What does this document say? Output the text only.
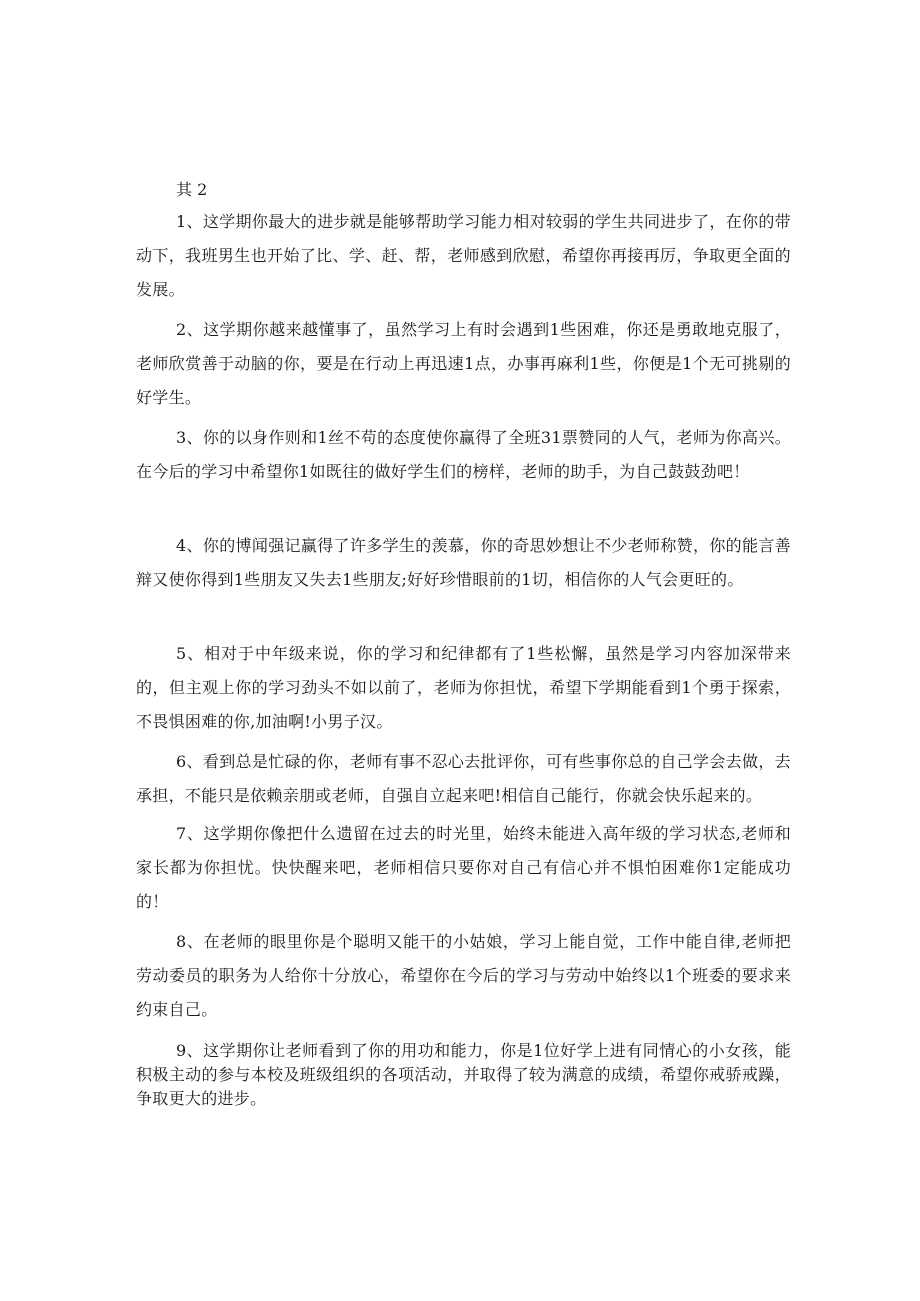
其 2

1、这学期你最大的进步就是能够帮助学习能力相对较弱的学生共同进步了，在你的带动下，我班男生也开始了比、学、赶、帮，老师感到欣慰，希望你再接再厉，争取更全面的发展。

2、这学期你越来越懂事了，虽然学习上有时会遇到1些困难，你还是勇敢地克服了，老师欣赏善于动脑的你，要是在行动上再迅速1点，办事再麻利1些，你便是1个无可挑剔的好学生。

3、你的以身作则和1丝不苟的态度使你赢得了全班31票赞同的人气，老师为你高兴。在今后的学习中希望你1如既往的做好学生们的榜样，老师的助手，为自己鼓鼓劲吧！

4、你的博闻强记赢得了许多学生的羡慕，你的奇思妙想让不少老师称赞，你的能言善辩又使你得到1些朋友又失去1些朋友;好好珍惜眼前的1切，相信你的人气会更旺的。

5、相对于中年级来说，你的学习和纪律都有了1些松懈，虽然是学习内容加深带来的，但主观上你的学习劲头不如以前了，老师为你担忧，希望下学期能看到1个勇于探索，不畏惧困难的你,加油啊!小男子汉。

6、看到总是忙碌的你，老师有事不忍心去批评你，可有些事你总的自己学会去做，去承担，不能只是依赖亲朋或老师，自强自立起来吧!相信自己能行，你就会快乐起来的。

7、这学期你像把什么遗留在过去的时光里，始终未能进入高年级的学习状态,老师和家长都为你担忧。快快醒来吧，老师相信只要你对自己有信心并不惧怕困难你1定能成功的！

8、在老师的眼里你是个聪明又能干的小姑娘，学习上能自觉，工作中能自律,老师把劳动委员的职务为人给你十分放心，希望你在今后的学习与劳动中始终以1个班委的要求来约束自己。

9、这学期你让老师看到了你的用功和能力，你是1位好学上进有同情心的小女孩，能积极主动的参与本校及班级组织的各项活动，并取得了较为满意的成绩，希望你戒骄戒躁，争取更大的进步。
